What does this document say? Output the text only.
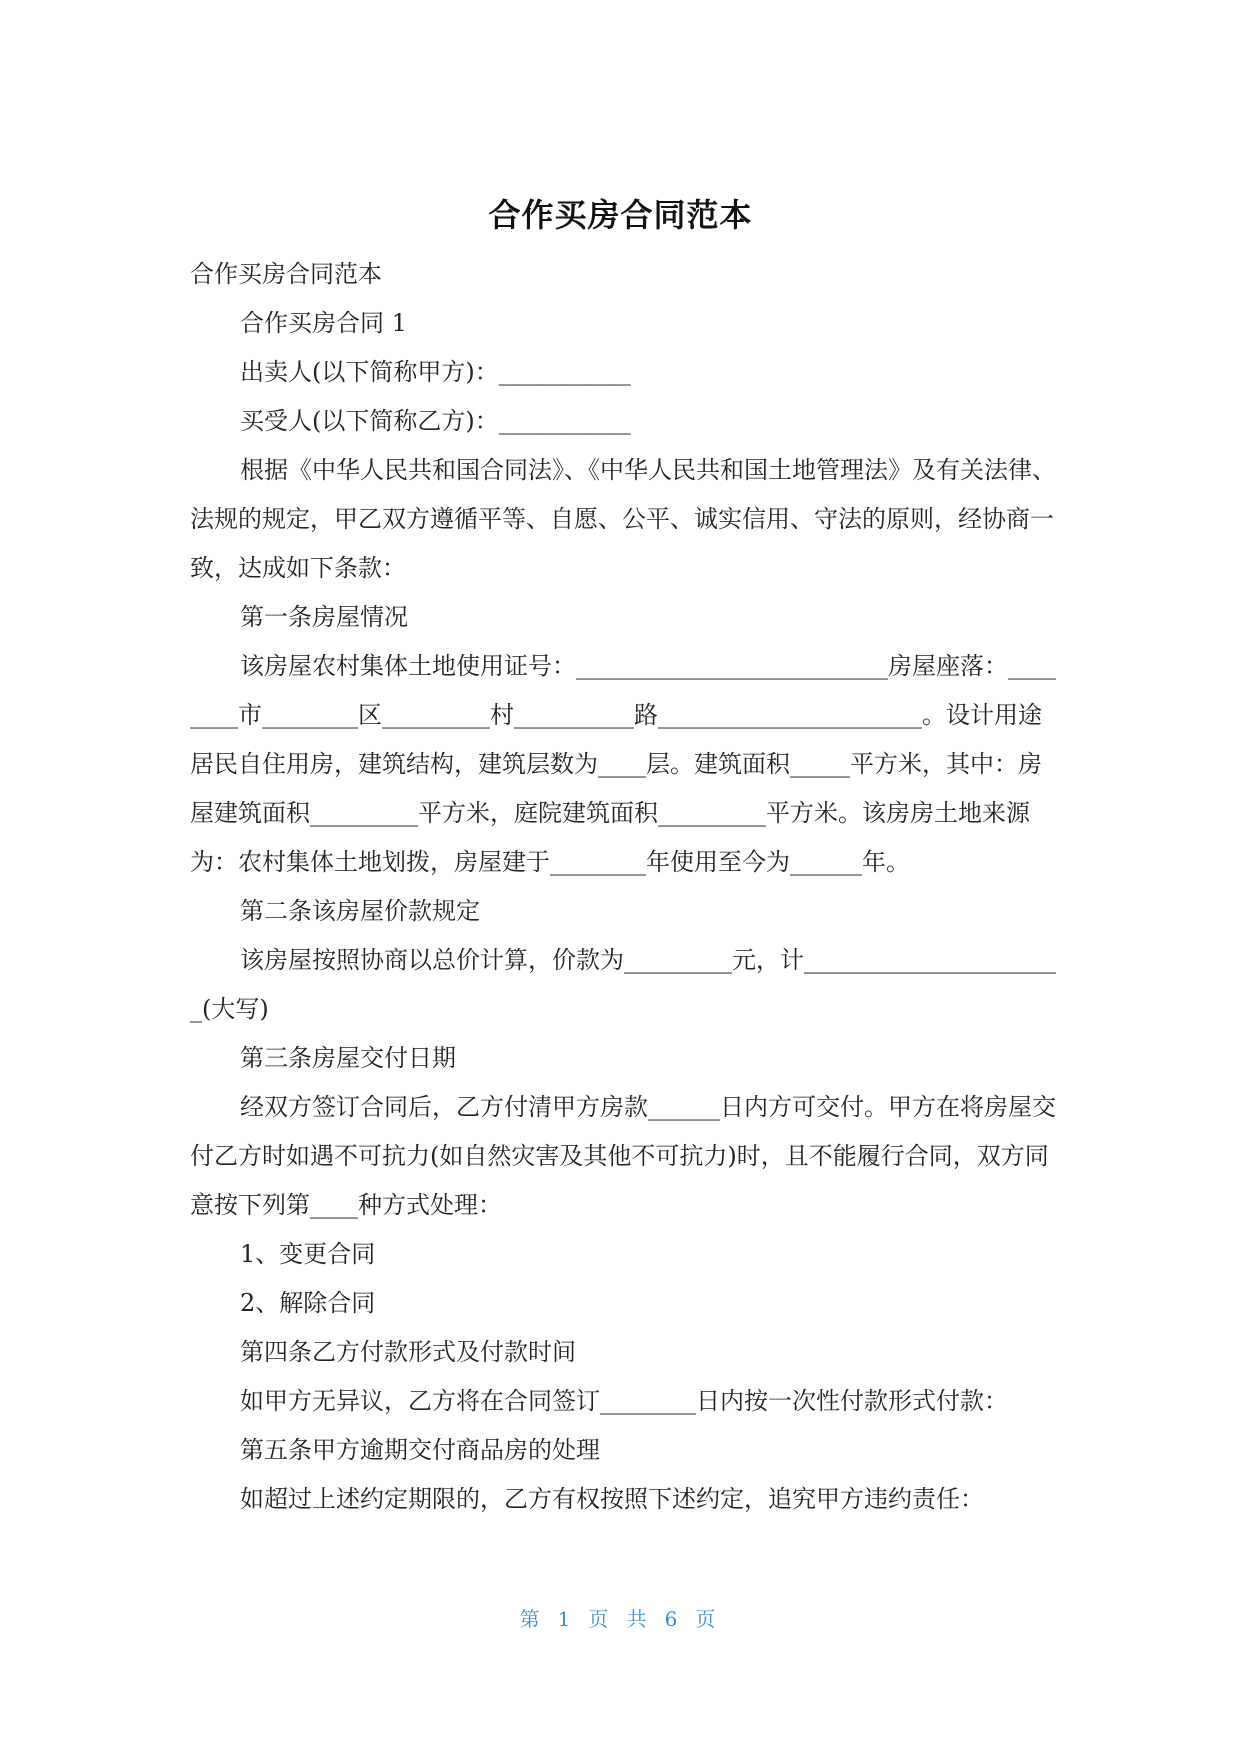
合作买房合同范本

合作买房合同范本

合作买房合同 1

出卖人(以下简称甲方)：___________

买受人(以下简称乙方)：___________

根据《中华人民共和国合同法》、《中华人民共和国土地管理法》及有关法律、法规的规定，甲乙双方遵循平等、自愿、公平、诚实信用、守法的原则，经协商一致，达成如下条款：

第一条房屋情况

该房屋农村集体土地使用证号：__________________________房屋座落：________市________区_________村__________路______________________。设计用途居民自住用房，建筑结构，建筑层数为____层。建筑面积_____平方米，其中：房屋建筑面积_________平方米，庭院建筑面积_________平方米。该房房土地来源为：农村集体土地划拨，房屋建于________年使用至今为______年。

第二条该房屋价款规定

该房屋按照协商以总价计算，价款为_________元，计______________________(大写)

第三条房屋交付日期

经双方签订合同后，乙方付清甲方房款______日内方可交付。甲方在将房屋交付乙方时如遇不可抗力(如自然灾害及其他不可抗力)时，且不能履行合同，双方同意按下列第____种方式处理：

1、变更合同

2、解除合同

第四条乙方付款形式及付款时间

如甲方无异议，乙方将在合同签订________日内按一次性付款形式付款：

第五条甲方逾期交付商品房的处理

如超过上述约定期限的，乙方有权按照下述约定，追究甲方违约责任：

第 1 页 共 6 页
